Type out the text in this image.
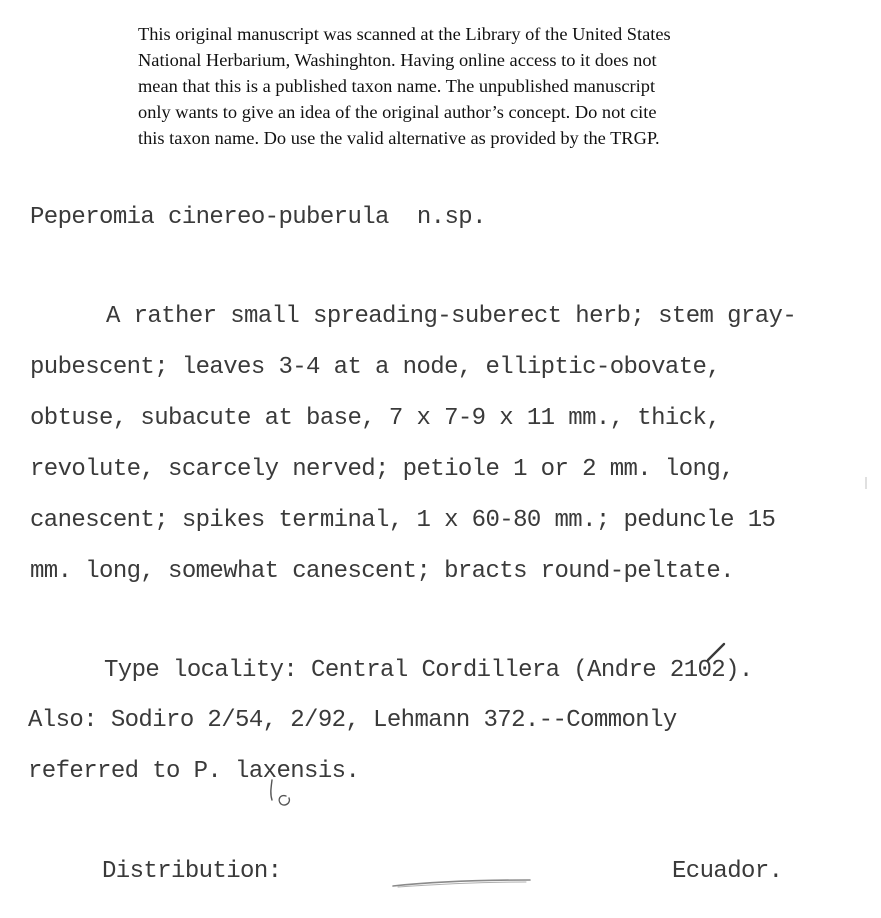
This original manuscript was scanned at the Library of the United States
National Herbarium, Washinghton. Having online access to it does not
mean that this is a published taxon name. The unpublished manuscript
only wants to give an idea of the original author’s concept. Do not cite
this taxon name. Do use the valid alternative as provided by the TRGP.
Peperomia cinereo-puberula n.sp.
A rather small spreading-suberect herb; stem gray-
pubescent; leaves 3-4 at a node, elliptic-obovate,
obtuse, subacute at base, 7 x 7-9 x 11 mm., thick,
revolute, scarcely nerved; petiole 1 or 2 mm. long,
canescent; spikes terminal, 1 x 60-80 mm.; peduncle 15
mm. long, somewhat canescent; bracts round-peltate.
Type locality: Central Cordillera (Andre 2102).
Also: Sodiro 2/54, 2/92, Lehmann 372.--Commonly
referred to P. laxensis.
Distribution:	Ecuador.
